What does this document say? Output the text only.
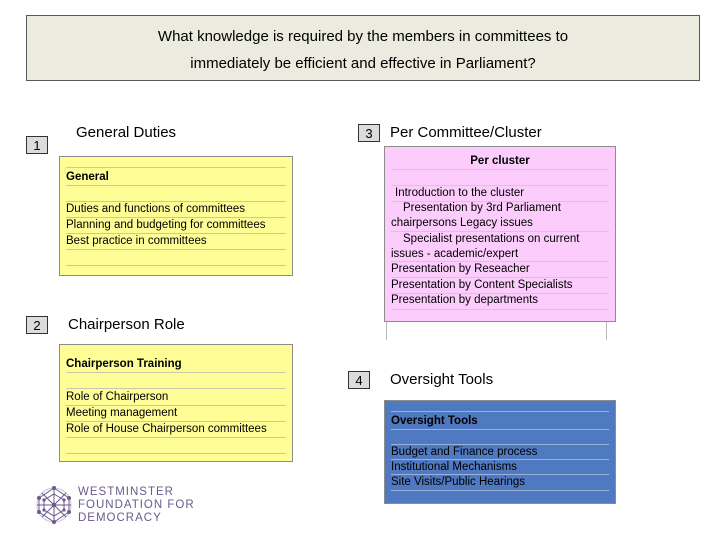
What knowledge is required by the members in committees to
immediately be efficient and effective in Parliament?
1
General Duties
General
Duties and functions of committees
Planning and budgeting for committees
Best practice in committees
2	Chairperson Role
Chairperson Training
Role of Chairperson
Meeting management
Role of House Chairperson committees
3	Per Committee/Cluster
Per cluster
Introduction to the cluster
Presentation by 3rd Parliament
chairpersons Legacy issues
Specialist presentations on current
issues - academic/expert
Presentation by Reseacher
Presentation by Content Specialists
Presentation by departments
4	Oversight Tools
Oversight Tools
Budget and Finance process
Institutional Mechanisms
Site Visits/Public Hearings
WESTMINSTER
FOUNDATION FOR
DEMOCRACY
